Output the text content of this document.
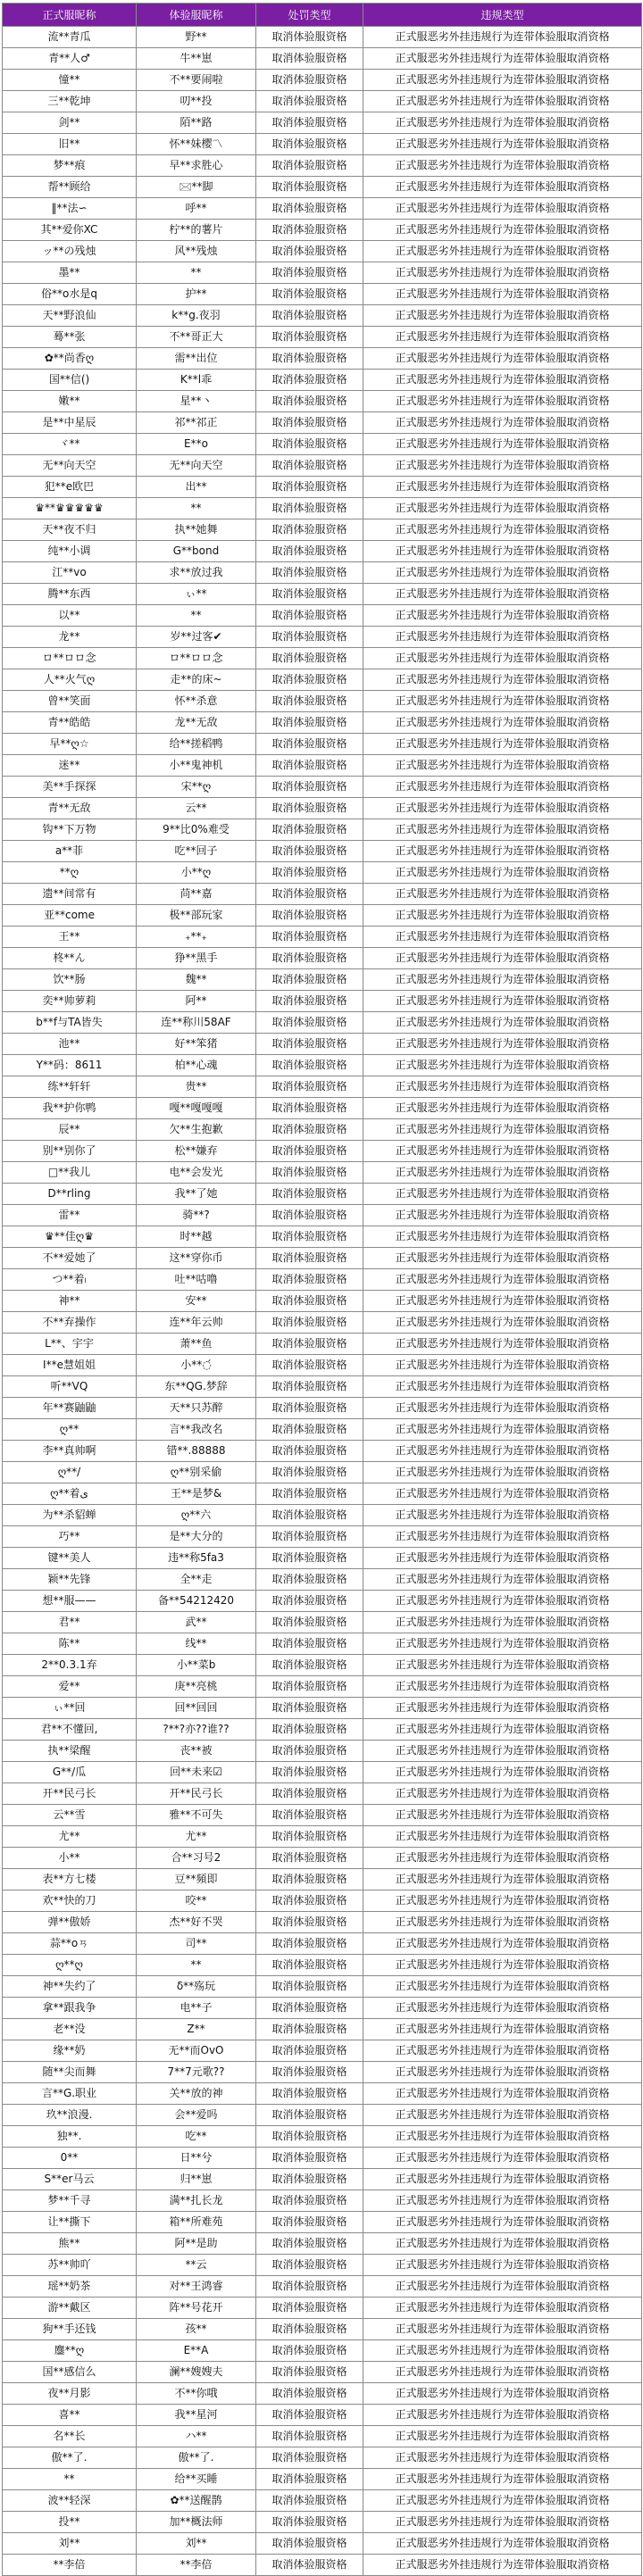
正式服昵称	体验服昵称	处罚类型	违规类型
流**青瓜	野**	取消体验服资格	正式服恶劣外挂违规行为连带体验服取消资格
青**人♂	牛**崽	取消体验服资格	正式服恶劣外挂违规行为连带体验服取消资格
憧**	不**要闹啦	取消体验服资格	正式服恶劣外挂违规行为连带体验服取消资格
三**乾坤	叨**投	取消体验服资格	正式服恶劣外挂违规行为连带体验服取消资格
剑**	陌**路	取消体验服资格	正式服恶劣外挂违规行为连带体验服取消资格
旧**	怀**妹樱〽	取消体验服资格	正式服恶劣外挂违规行为连带体验服取消资格
梦**痕	早**求胜心	取消体验服资格	正式服恶劣外挂违规行为连带体验服取消资格
帮**顾给	🖂**脚	取消体验服资格	正式服恶劣外挂违规行为连带体验服取消资格
‖**法∽	呼**	取消体验服资格	正式服恶劣外挂违规行为连带体验服取消资格
其**爱你XC	柠**的薯片	取消体验服资格	正式服恶劣外挂违规行为连带体验服取消资格
ッ**の残烛	风**残烛	取消体验服资格	正式服恶劣外挂违规行为连带体验服取消资格
墨**	**	取消体验服资格	正式服恶劣外挂违规行为连带体验服取消资格
俗**o水是q	护**	取消体验服资格	正式服恶劣外挂违规行为连带体验服取消资格
天**野浪仙	k**g.夜羽	取消体验服资格	正式服恶劣外挂违规行为连带体验服取消资格
蓦**张	不**哥正大	取消体验服资格	正式服恶劣外挂违规行为连带体验服取消资格
✿**尚香ღ	需**出位	取消体验服资格	正式服恶劣外挂违规行为连带体验服取消资格
国**信()	K**l乖	取消体验服资格	正式服恶劣外挂违规行为连带体验服取消资格
嫩**	星**丶	取消体验服资格	正式服恶劣外挂违规行为连带体验服取消资格
是**中星辰	祁**祁正	取消体验服资格	正式服恶劣外挂违规行为连带体验服取消资格
ヾ**	E**o	取消体验服资格	正式服恶劣外挂违规行为连带体验服取消资格
无**向天空	无**向天空	取消体验服资格	正式服恶劣外挂违规行为连带体验服取消资格
犯**e欧巴	出**	取消体验服资格	正式服恶劣外挂违规行为连带体验服取消资格
♛**♛♛♛♛♛	**	取消体验服资格	正式服恶劣外挂违规行为连带体验服取消资格
天**夜不归	执**她舞	取消体验服资格	正式服恶劣外挂违规行为连带体验服取消资格
纯**小调	G**bond	取消体验服资格	正式服恶劣外挂违规行为连带体验服取消资格
江**vo	求**放过我	取消体验服资格	正式服恶劣外挂违规行为连带体验服取消资格
腾**东西	ぃ**	取消体验服资格	正式服恶劣外挂违规行为连带体验服取消资格
以**	**	取消体验服资格	正式服恶劣外挂违规行为连带体验服取消资格
龙**	岁**过客✔	取消体验服资格	正式服恶劣外挂违规行为连带体验服取消资格
ロ**ロロ念	ロ**ロロ念	取消体验服资格	正式服恶劣外挂违规行为连带体验服取消资格
人**火气ღ	走**的床~	取消体验服资格	正式服恶劣外挂违规行为连带体验服取消资格
曾**笑面	怀**杀意	取消体验服资格	正式服恶劣外挂违规行为连带体验服取消资格
青**皓皓	龙**无敌	取消体验服资格	正式服恶劣外挂违规行为连带体验服取消资格
早**ღ☆	给**搓稻鸭	取消体验服资格	正式服恶劣外挂违规行为连带体验服取消资格
迷**	小**鬼神机	取消体验服资格	正式服恶劣外挂违规行为连带体验服取消资格
美**手探探	宋**ღ	取消体验服资格	正式服恶劣外挂违规行为连带体验服取消资格
青**无敌	云**	取消体验服资格	正式服恶劣外挂违规行为连带体验服取消资格
钩**下万物	9**比0%难受	取消体验服资格	正式服恶劣外挂违规行为连带体验服取消资格
a**菲	吃**回子	取消体验服资格	正式服恶劣外挂违规行为连带体验服取消资格
**ღ	小**ღ	取消体验服资格	正式服恶劣外挂违规行为连带体验服取消资格
遗**间常有	苘**嘉	取消体验服资格	正式服恶劣外挂违规行为连带体验服取消资格
亚**come	极**部玩家	取消体验服资格	正式服恶劣外挂违规行为连带体验服取消资格
王**	₊**₊	取消体验服资格	正式服恶劣外挂违规行为连带体验服取消资格
柊**ん	狰**黑手	取消体验服资格	正式服恶劣外挂违规行为连带体验服取消资格
饮**肠	魏**	取消体验服资格	正式服恶劣外挂违规行为连带体验服取消资格
奕**帅萝莉	阿**	取消体验服资格	正式服恶劣外挂违规行为连带体验服取消资格
b**f与TA皆失	连**称川58AF	取消体验服资格	正式服恶劣外挂违规行为连带体验服取消资格
池**	好**笨猪	取消体验服资格	正式服恶劣外挂违规行为连带体验服取消资格
Y**码：8611	柏**心魂	取消体验服资格	正式服恶劣外挂违规行为连带体验服取消资格
练**轩轩	贵**	取消体验服资格	正式服恶劣外挂违规行为连带体验服取消资格
我**护你鸭	嘎**嘎嘎嘎	取消体验服资格	正式服恶劣外挂违规行为连带体验服取消资格
辰**	欠**生抱歉	取消体验服资格	正式服恶劣外挂违规行为连带体验服取消资格
别**别你了	松**嫌弃	取消体验服资格	正式服恶劣外挂违规行为连带体验服取消资格
□**我儿	电**会发光	取消体验服资格	正式服恶劣外挂违规行为连带体验服取消资格
D**rling	我**了她	取消体验服资格	正式服恶劣外挂违规行为连带体验服取消资格
雷**	骑**?	取消体验服资格	正式服恶劣外挂违规行为连带体验服取消资格
♛**佳ღ♛	时**越	取消体验服资格	正式服恶劣外挂违规行为连带体验服取消资格
不**爱她了	这**穿你币	取消体验服资格	正式服恶劣外挂违规行为连带体验服取消资格
つ**着ₗ	吐**咕噜	取消体验服资格	正式服恶劣外挂违规行为连带体验服取消资格
神**	安**	取消体验服资格	正式服恶劣外挂违规行为连带体验服取消资格
不**弃操作	连**年云帅	取消体验服资格	正式服恶劣外挂违规行为连带体验服取消资格
L**、宇宇	萧**鱼	取消体验服资格	正式服恶劣外挂违规行为连带体验服取消资格
I**e慧姐姐	小**◌́	取消体验服资格	正式服恶劣外挂违规行为连带体验服取消资格
听**VQ	东**QG.梦辞	取消体验服资格	正式服恶劣外挂违规行为连带体验服取消资格
年**赛鼬鼬	天**只苏醉	取消体验服资格	正式服恶劣外挂违规行为连带体验服取消资格
ღ**	言**我改名	取消体验服资格	正式服恶劣外挂违规行为连带体验服取消资格
李**真帅啊	错**.88888	取消体验服资格	正式服恶劣外挂违规行为连带体验服取消资格
ღ**/	ღ**别采偷	取消体验服资格	正式服恶劣外挂违规行为连带体验服取消资格
ღ**着ى	王**是梦&	取消体验服资格	正式服恶劣外挂违规行为连带体验服取消资格
为**杀貂蝉	ღ**六	取消体验服资格	正式服恶劣外挂违规行为连带体验服取消资格
巧**	是**大分的	取消体验服资格	正式服恶劣外挂违规行为连带体验服取消资格
键**美人	违**称5fa3	取消体验服资格	正式服恶劣外挂违规行为连带体验服取消资格
颖**先锋	全**走	取消体验服资格	正式服恶劣外挂违规行为连带体验服取消资格
想**服——	备**54212420	取消体验服资格	正式服恶劣外挂违规行为连带体验服取消资格
君**	武**	取消体验服资格	正式服恶劣外挂违规行为连带体验服取消资格
陈**	线**	取消体验服资格	正式服恶劣外挂违规行为连带体验服取消资格
2**0.3.1弃	小**菜b	取消体验服资格	正式服恶劣外挂违规行为连带体验服取消资格
爱**	庚**亮桃	取消体验服资格	正式服恶劣外挂违规行为连带体验服取消资格
ぃ**回	回**回回	取消体验服资格	正式服恶劣外挂违规行为连带体验服取消资格
君**不懂回,	?**?亦??谁??	取消体验服资格	正式服恶劣外挂违规行为连带体验服取消资格
执**梁醒	丧**被	取消体验服资格	正式服恶劣外挂违规行为连带体验服取消资格
G**/瓜	回**未来☑	取消体验服资格	正式服恶劣外挂违规行为连带体验服取消资格
开**民弓长	开**民弓长	取消体验服资格	正式服恶劣外挂违规行为连带体验服取消资格
云**雪	雅**不可失	取消体验服资格	正式服恶劣外挂违规行为连带体验服取消资格
尤**	尤**	取消体验服资格	正式服恶劣外挂违规行为连带体验服取消资格
小**	合**习号2	取消体验服资格	正式服恶劣外挂违规行为连带体验服取消资格
表**方七楼	豆**頻即	取消体验服资格	正式服恶劣外挂违规行为连带体验服取消资格
欢**快的刀	咬**	取消体验服资格	正式服恶劣外挂违规行为连带体验服取消资格
弹**傲娇	杰**好不哭	取消体验服资格	正式服恶劣外挂违规行为连带体验服取消资格
蒜**oㄢ	司**	取消体验服资格	正式服恶劣外挂违规行为连带体验服取消资格
ღ**ღ	**	取消体验服资格	正式服恶劣外挂违规行为连带体验服取消资格
神**失约了	δ**殇玩	取消体验服资格	正式服恶劣外挂违规行为连带体验服取消资格
拿**跟我争	电**子	取消体验服资格	正式服恶劣外挂违规行为连带体验服取消资格
老**没	Z**	取消体验服资格	正式服恶劣外挂违规行为连带体验服取消资格
缘**奶	无**而OvO	取消体验服资格	正式服恶劣外挂违规行为连带体验服取消资格
随**尖而舞	7**7元歌??	取消体验服资格	正式服恶劣外挂违规行为连带体验服取消资格
言**G.职业	关**放的神	取消体验服资格	正式服恶劣外挂违规行为连带体验服取消资格
玖**浪漫.	会**爱吗	取消体验服资格	正式服恶劣外挂违规行为连带体验服取消资格
独**.	吃**	取消体验服资格	正式服恶劣外挂违规行为连带体验服取消资格
0**	日**兮	取消体验服资格	正式服恶劣外挂违规行为连带体验服取消资格
S**er马云	归**崽	取消体验服资格	正式服恶劣外挂违规行为连带体验服取消资格
梦**千寻	满**扎长龙	取消体验服资格	正式服恶劣外挂违规行为连带体验服取消资格
让**撕下	箱**所难苑	取消体验服资格	正式服恶劣外挂违规行为连带体验服取消资格
熊**	阿**是助	取消体验服资格	正式服恶劣外挂违规行为连带体验服取消资格
苏**帅吖	**云	取消体验服资格	正式服恶劣外挂违规行为连带体验服取消资格
瑶**奶茶	对**王鸿睿	取消体验服资格	正式服恶劣外挂违规行为连带体验服取消资格
游**戴区	阵**号花开	取消体验服资格	正式服恶劣外挂违规行为连带体验服取消资格
狗**手还钱	孩**	取消体验服资格	正式服恶劣外挂违规行为连带体验服取消资格
鏖**ღ	E**A	取消体验服资格	正式服恶劣外挂违规行为连带体验服取消资格
国**感信么	澜**嫂嫂夫	取消体验服资格	正式服恶劣外挂违规行为连带体验服取消资格
夜**月影	不**你哦	取消体验服资格	正式服恶劣外挂违规行为连带体验服取消资格
喜**	我**星河	取消体验服资格	正式服恶劣外挂违规行为连带体验服取消资格
名**长	ハ**	取消体验服资格	正式服恶劣外挂违规行为连带体验服取消资格
傲**了.	傲**了.	取消体验服资格	正式服恶劣外挂违规行为连带体验服取消资格
**	给**买睡	取消体验服资格	正式服恶劣外挂违规行为连带体验服取消资格
波**轻深	✿**送醒鹊	取消体验服资格	正式服恶劣外挂违规行为连带体验服取消资格
投**	加**概法师	取消体验服资格	正式服恶劣外挂违规行为连带体验服取消资格
刘**	刘**	取消体验服资格	正式服恶劣外挂违规行为连带体验服取消资格
**李倍	**李倍	取消体验服资格	正式服恶劣外挂违规行为连带体验服取消资格
